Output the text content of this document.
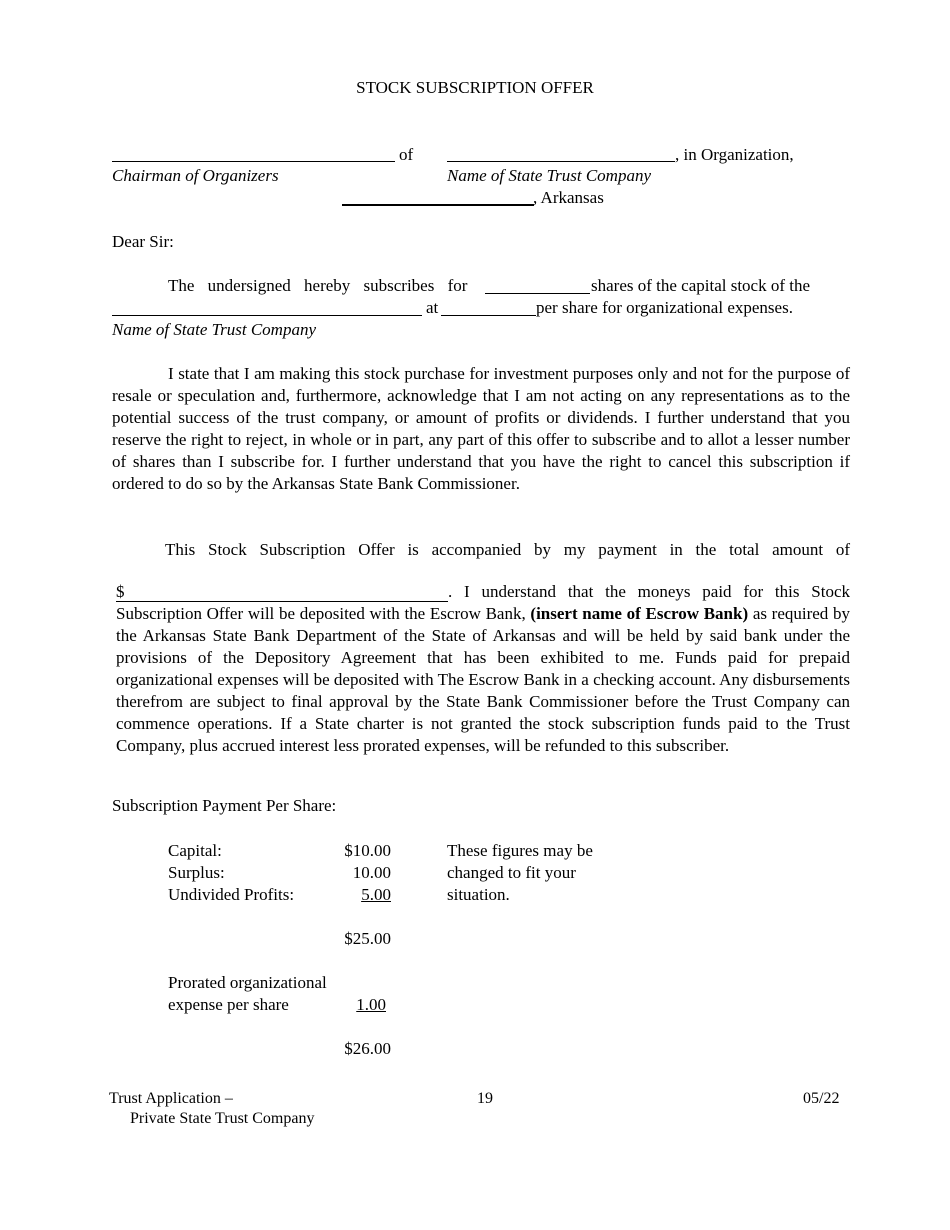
STOCK SUBSCRIPTION OFFER
of	, in Organization,
Chairman of Organizers	Name of State Trust Company
, Arkansas
Dear Sir:
The undersigned hereby subscribes for	shares of the capital stock of the
at	per share for organizational expenses.
Name of State Trust Company
I state that I am making this stock purchase for investment purposes only and not for the purpose of resale or speculation and, furthermore, acknowledge that I am not acting on any representations as to the potential success of the trust company, or amount of profits or dividends. I further understand that you reserve the right to reject, in whole or in part, any part of this offer to subscribe and to allot a lesser number of shares than I subscribe for. I further understand that you have the right to cancel this subscription if ordered to do so by the Arkansas State Bank Commissioner.
This Stock Subscription Offer is accompanied by my payment in the total amount of
$	. I understand that the moneys paid for this Stock Subscription Offer will be deposited with the Escrow Bank, (insert name of Escrow Bank) as required by the Arkansas State Bank Department of the State of Arkansas and will be held by said bank under the provisions of the Depository Agreement that has been exhibited to me. Funds paid for prepaid organizational expenses will be deposited with The Escrow Bank in a checking account. Any disbursements therefrom are subject to final approval by the State Bank Commissioner before the Trust Company can commence operations. If a State charter is not granted the stock subscription funds paid to the Trust Company, plus accrued interest less prorated expenses, will be refunded to this subscriber.
Subscription Payment Per Share:
Capital:	$10.00
Surplus:	10.00
Undivided Profits:	5.00
These figures may be
changed to fit your
situation.
$25.00
Prorated organizational
expense per share	1.00
$26.00
Trust Application –
Private State Trust Company
19	05/22
